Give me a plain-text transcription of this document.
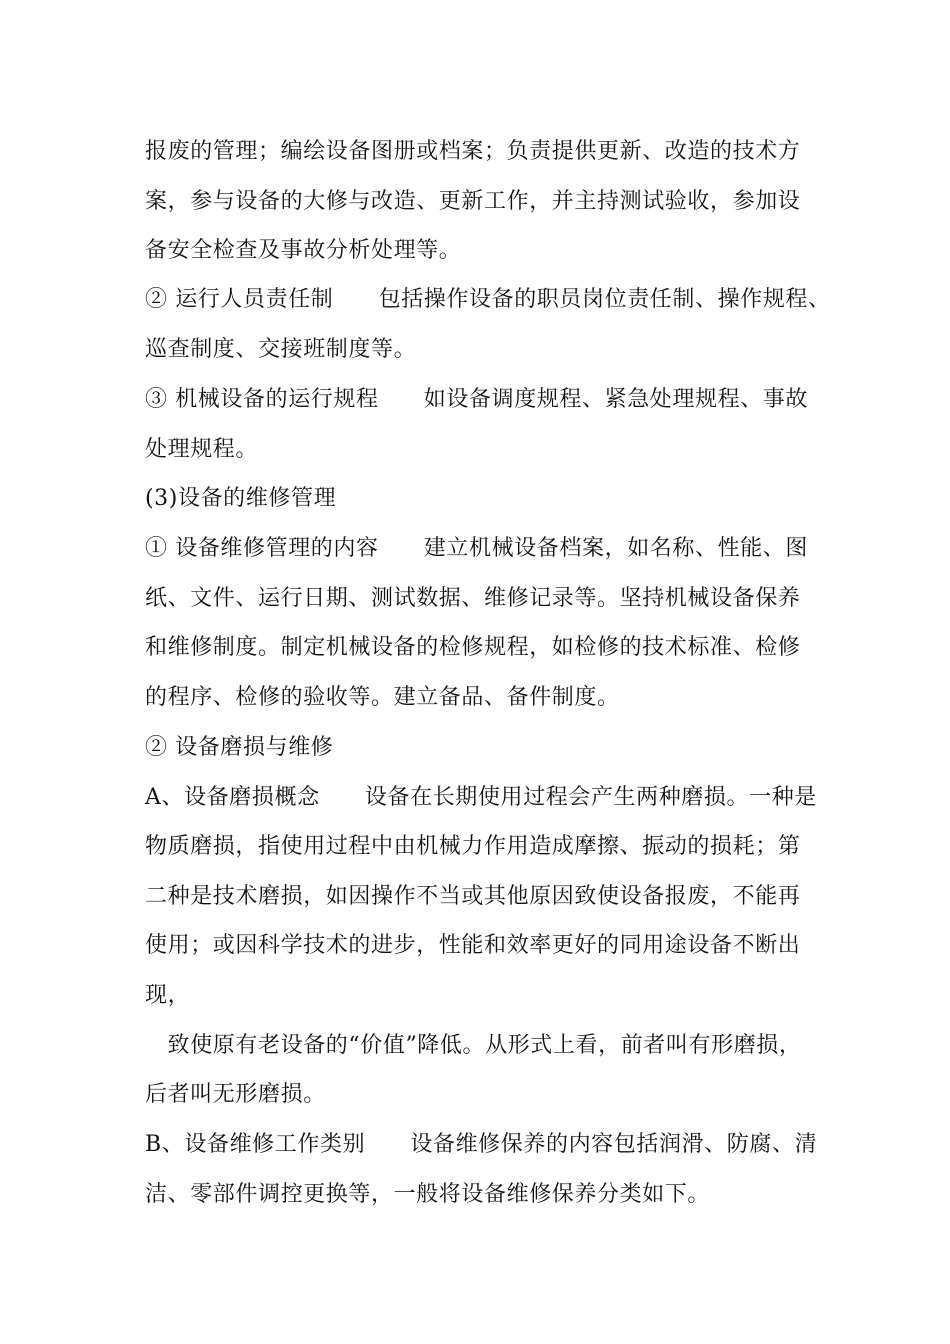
报废的管理；编绘设备图册或档案；负责提供更新、改造的技术方
案，参与设备的大修与改造、更新工作，并主持测试验收，参加设
备安全检查及事故分析处理等。
② 运行人员责任制　　包括操作设备的职员岗位责任制、操作规程、
巡查制度、交接班制度等。
③ 机械设备的运行规程　　如设备调度规程、紧急处理规程、事故
处理规程。
(3)设备的维修管理
① 设备维修管理的内容　　建立机械设备档案，如名称、性能、图
纸、文件、运行日期、测试数据、维修记录等。坚持机械设备保养
和维修制度。制定机械设备的检修规程，如检修的技术标准、检修
的程序、检修的验收等。建立备品、备件制度。
② 设备磨损与维修
A、设备磨损概念　　设备在长期使用过程会产生两种磨损。一种是
物质磨损，指使用过程中由机械力作用造成摩擦、振动的损耗；第
二种是技术磨损，如因操作不当或其他原因致使设备报废，不能再
使用；或因科学技术的进步，性能和效率更好的同用途设备不断出
现，
　致使原有老设备的“价值”降低。从形式上看，前者叫有形磨损，
后者叫无形磨损。
B、设备维修工作类别　　设备维修保养的内容包括润滑、防腐、清
洁、零部件调控更换等，一般将设备维修保养分类如下。
